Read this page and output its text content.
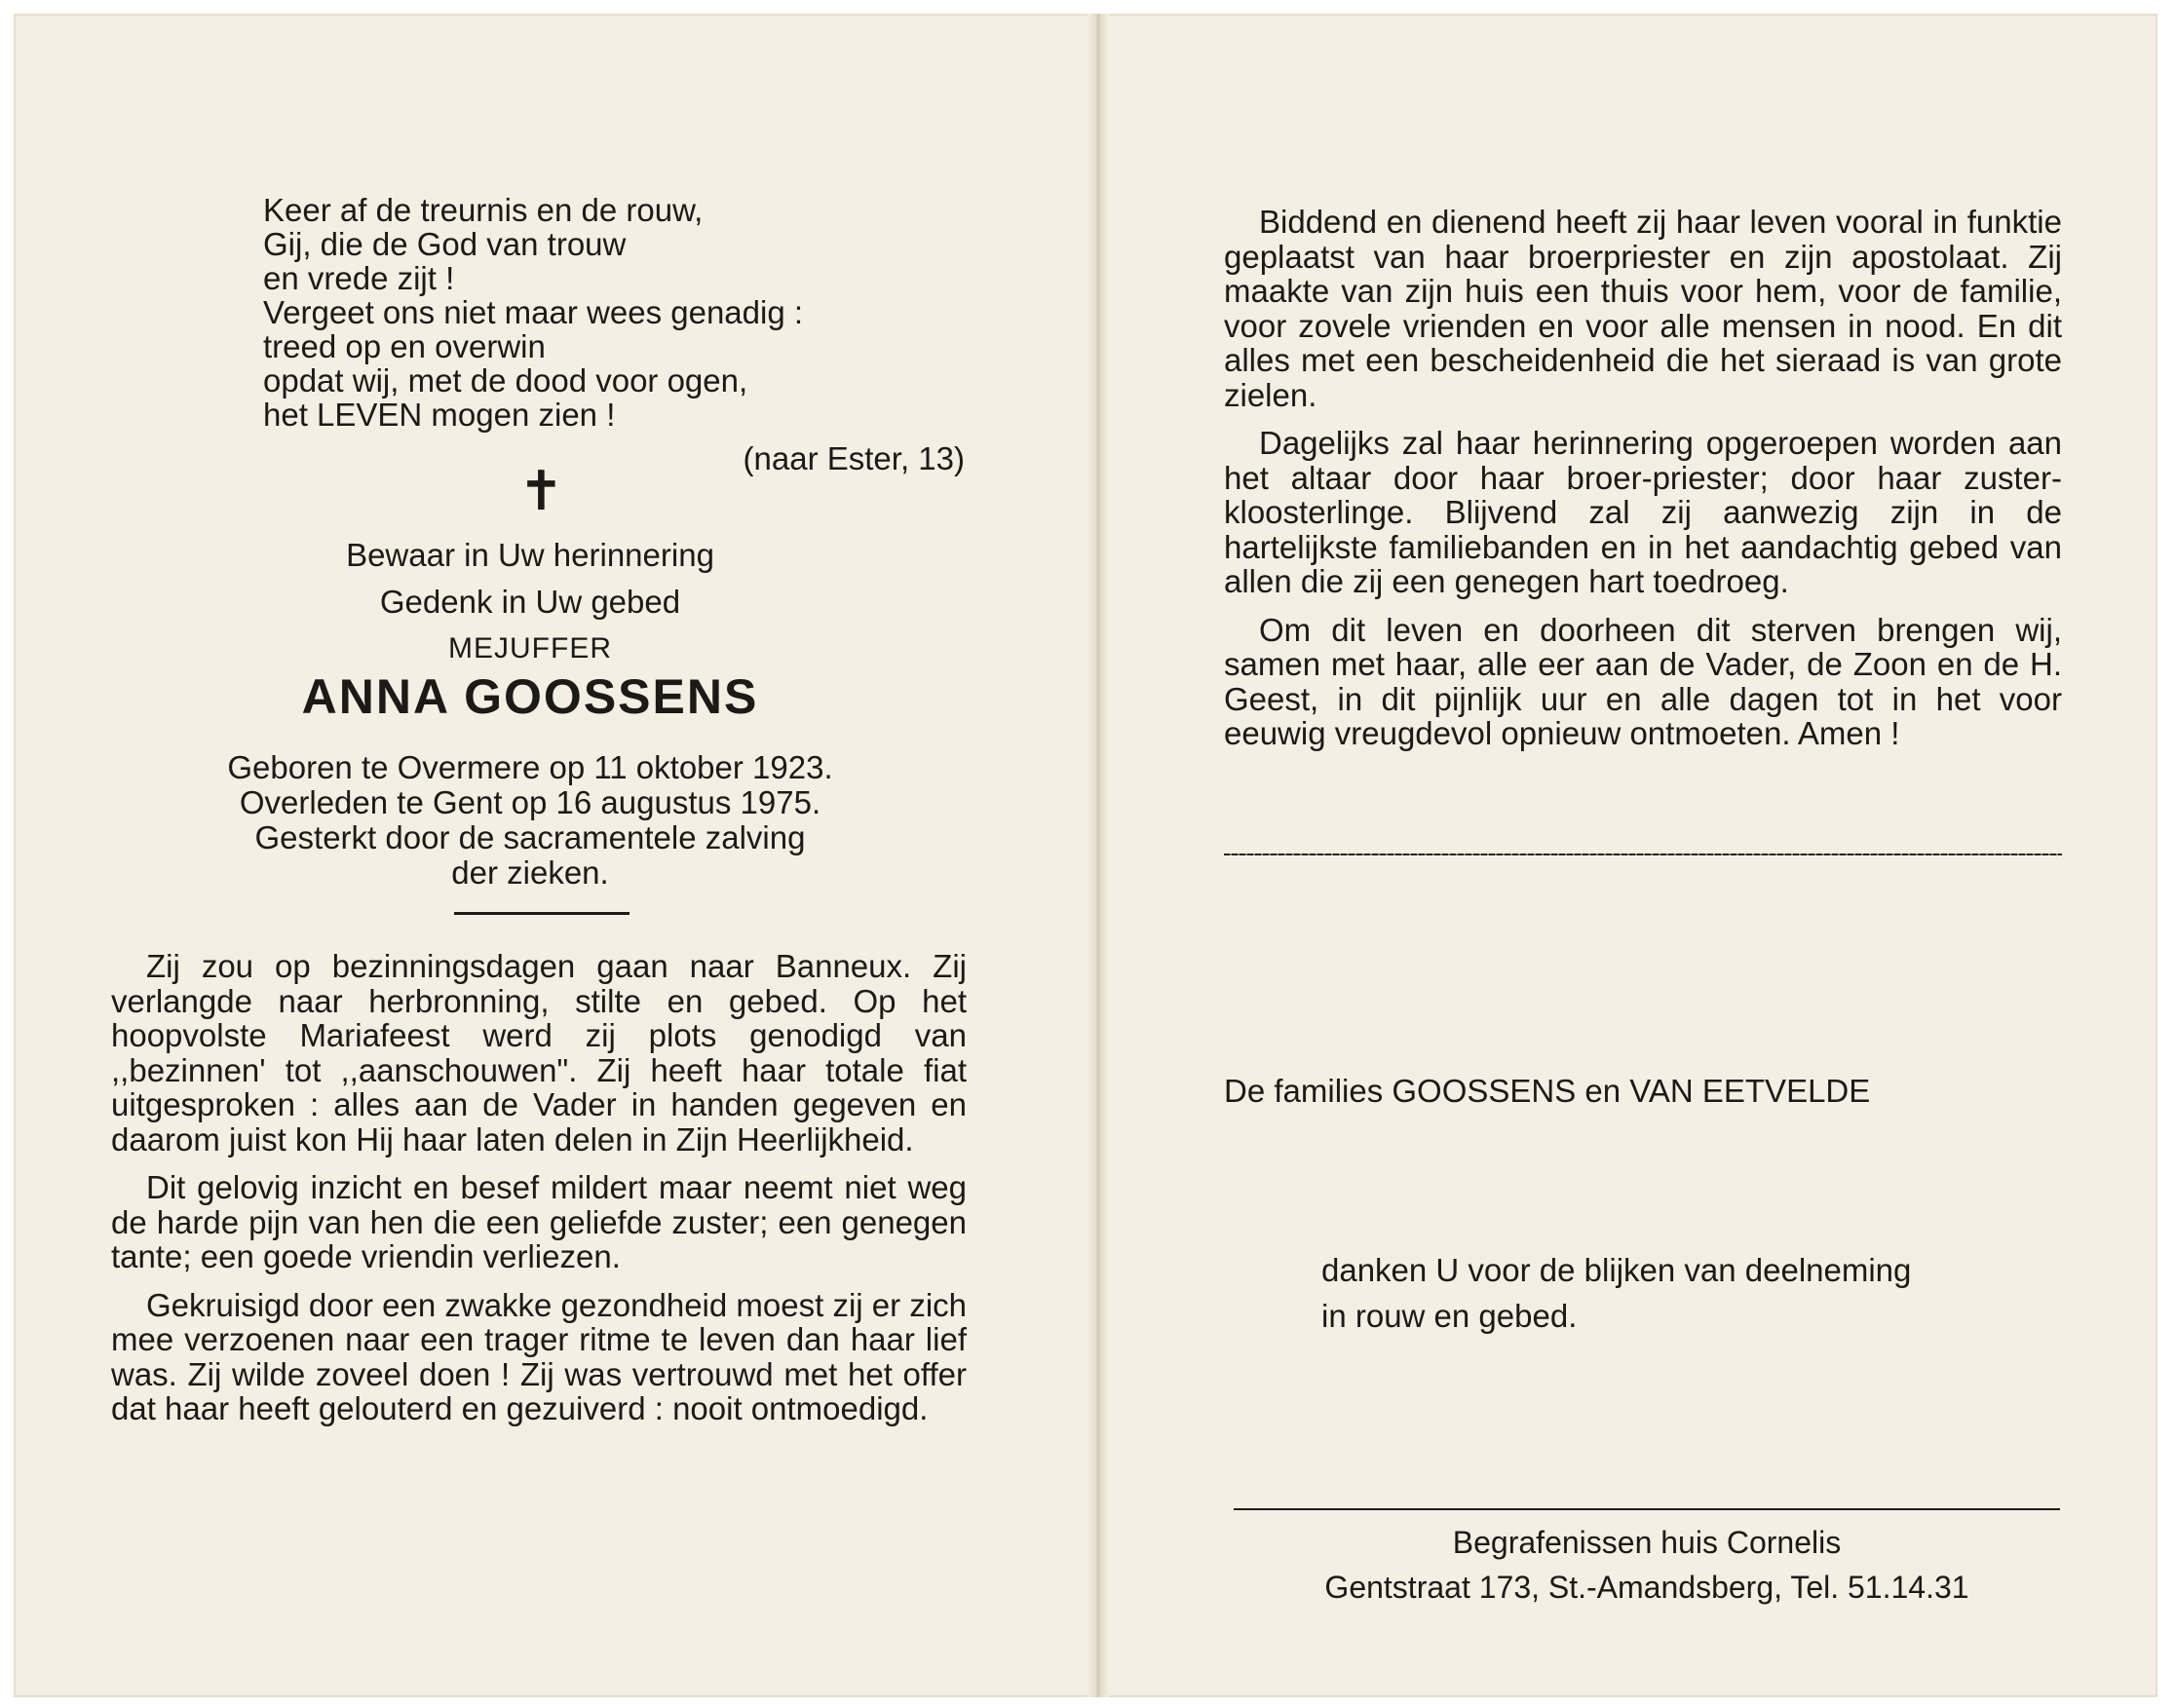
Keer af de treurnis en de rouw,
Gij, die de God van trouw
en vrede zijt !
Vergeet ons niet maar wees genadig :
treed op en overwin
opdat wij, met de dood voor ogen,
het LEVEN mogen zien !
(naar Ester, 13)
✝
Bewaar in Uw herinnering
Gedenk in Uw gebed
MEJUFFER
ANNA GOOSSENS
Geboren te Overmere op 11 oktober 1923.
Overleden te Gent op 16 augustus 1975.
Gesterkt door de sacramentele zalving
der zieken.

Zij zou op bezinningsdagen gaan naar Banneux. Zij verlangde naar herbronning, stilte en gebed. Op het hoopvolste Mariafeest werd zij plots genodigd van ,,bezinnen' tot ,,aanschouwen". Zij heeft haar totale fiat uitgesproken : alles aan de Vader in handen gegeven en daarom juist kon Hij haar laten delen in Zijn Heerlijkheid.

Dit gelovig inzicht en besef mildert maar neemt niet weg de harde pijn van hen die een geliefde zuster; een genegen tante; een goede vriendin verliezen.

Gekruisigd door een zwakke gezondheid moest zij er zich mee verzoenen naar een trager ritme te leven dan haar lief was. Zij wilde zoveel doen ! Zij was vertrouwd met het offer dat haar heeft gelouterd en gezuiverd : nooit ontmoedigd.

Biddend en dienend heeft zij haar leven vooral in funktie geplaatst van haar broerpriester en zijn apostolaat. Zij maakte van zijn huis een thuis voor hem, voor de familie, voor zovele vrienden en voor alle mensen in nood. En dit alles met een bescheidenheid die het sieraad is van grote zielen.

Dagelijks zal haar herinnering opgeroepen worden aan het altaar door haar broer-priester; door haar zuster-kloosterlinge. Blijvend zal zij aanwezig zijn in de hartelijkste familiebanden en in het aandachtig gebed van allen die zij een genegen hart toedroeg.

Om dit leven en doorheen dit sterven brengen wij, samen met haar, alle eer aan de Vader, de Zoon en de H. Geest, in dit pijnlijk uur en alle dagen tot in het voor eeuwig vreugdevol opnieuw ontmoeten. Amen !

De families GOOSSENS en VAN EETVELDE
danken U voor de blijken van deelneming
in rouw en gebed.
Begrafenissen huis Cornelis
Gentstraat 173, St.-Amandsberg, Tel. 51.14.31
